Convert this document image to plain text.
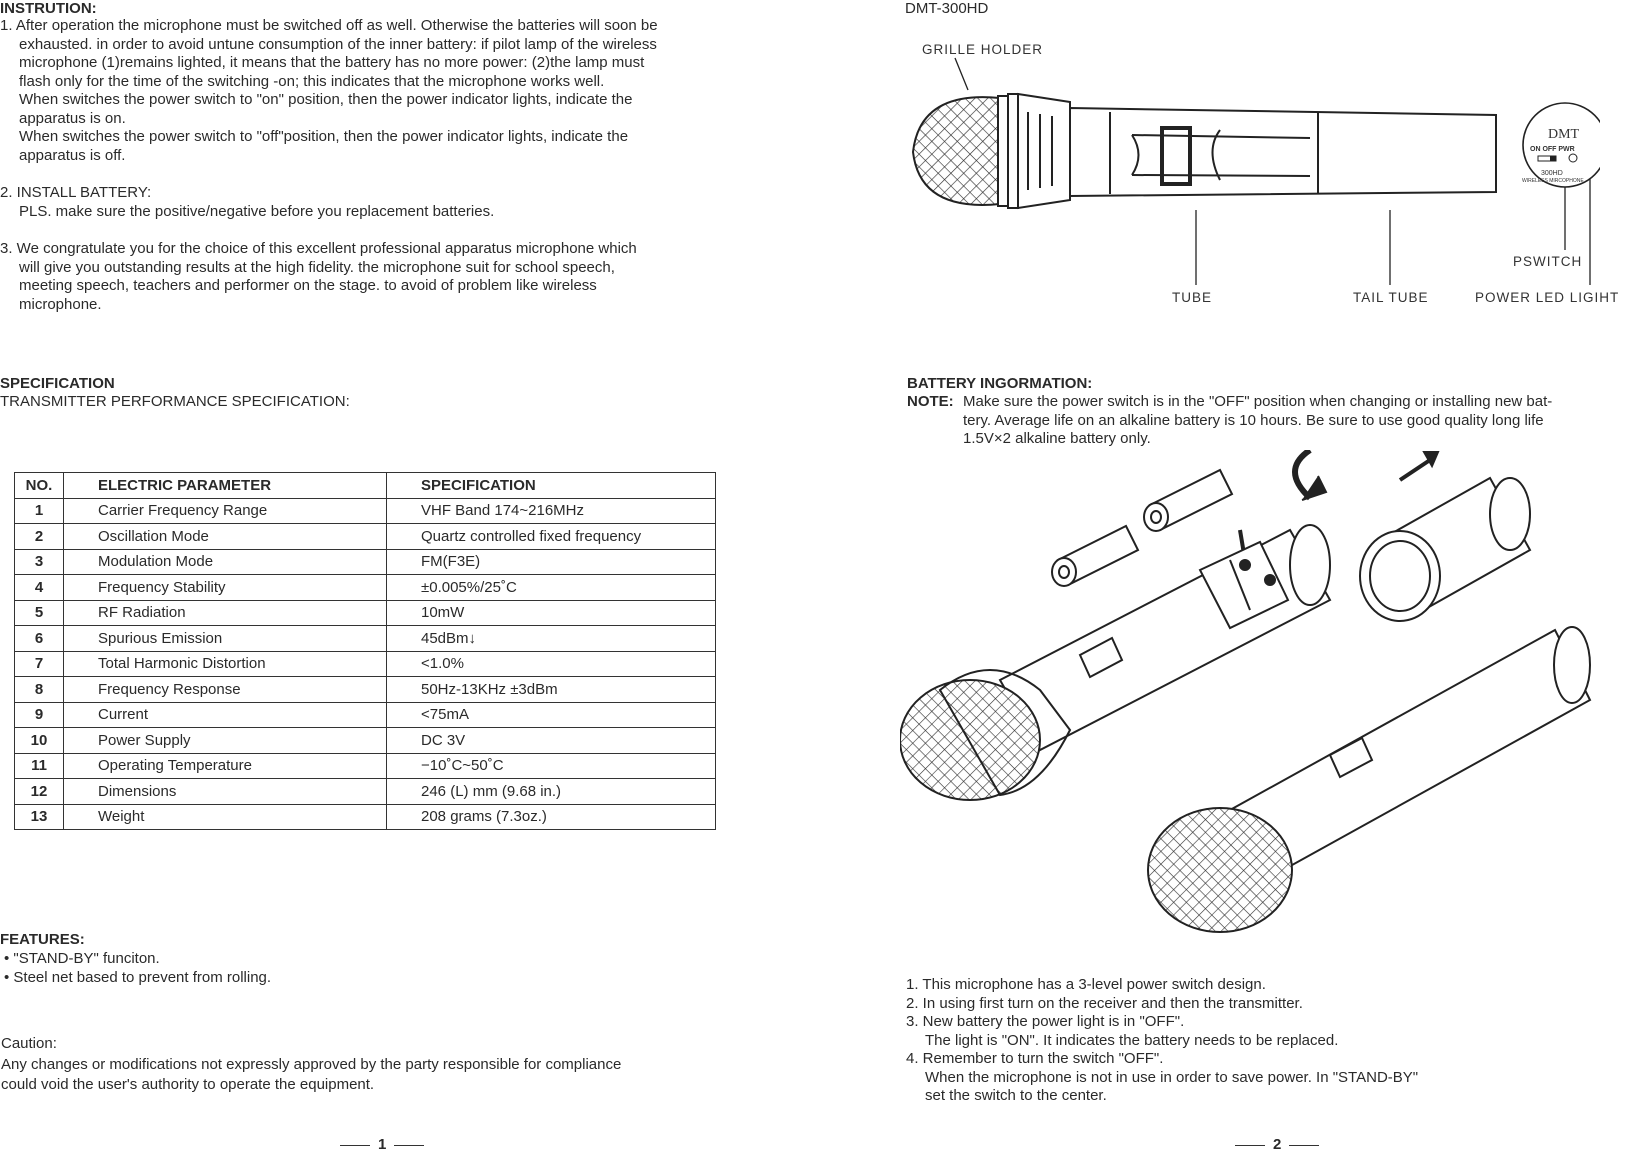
INSTRUTION:
1. After operation the microphone must be switched off as well. Otherwise the batteries will soon be
exhausted. in order to avoid untune consumption of the inner battery: if pilot lamp of the wireless
microphone (1)remains lighted, it means that the battery has no more power: (2)the lamp must
flash only for the time of the switching -on; this indicates that the microphone works well.
When switches the power switch to "on" position, then the power indicator lights, indicate the
apparatus is on.
When switches the power switch to "off"position, then the power indicator lights, indicate the
apparatus is off.
2. INSTALL BATTERY:
PLS. make sure the positive/negative before you replacement batteries.
3. We congratulate you for the choice of this excellent professional apparatus microphone which
will give you outstanding results at the high fidelity. the microphone suit for school speech,
meeting speech, teachers and performer on the stage. to avoid of problem like wireless
microphone.
SPECIFICATION
TRANSMITTER PERFORMANCE SPECIFICATION:
NO.	ELECTRIC PARAMETER	SPECIFICATION
1	Carrier Frequency Range	VHF Band 174~216MHz
2	Oscillation Mode	Quartz controlled fixed frequency
3	Modulation Mode	FM(F3E)
4	Frequency Stability	±0.005%/25˚C
5	RF Radiation	10mW
6	Spurious Emission	45dBm↓
7	Total Harmonic Distortion	<1.0%
8	Frequency Response	50Hz-13KHz ±3dBm
9	Current	<75mA
10	Power Supply	DC 3V
11	Operating Temperature	−10˚C~50˚C
12	Dimensions	246 (L) mm (9.68 in.)
13	Weight	208 grams (7.3oz.)
FEATURES:
• "STAND-BY" funciton.
• Steel net based to prevent from rolling.
Caution:
Any changes or modifications not expressly approved by the party responsible for compliance
could void the user's authority to operate the equipment.
1
DMT-300HD
GRILLE HOLDER
TUBE	TAIL TUBE
PSWITCH
POWER LED LIGIHT
DMT
ON OFF PWR
300HD
WIRELESS MIRCOPHONE
BATTERY INGORMATION:
NOTE: Make sure the power switch is in the "OFF" position when changing or installing new bat-
tery. Average life on an alkaline battery is 10 hours. Be sure to use good quality long life
1.5V×2 alkaline battery only.
1. This microphone has a 3-level power switch design.
2. In using first turn on the receiver and then the transmitter.
3. New battery the power light is in "OFF".
The light is "ON". It indicates the battery needs to be replaced.
4. Remember to turn the switch "OFF".
When the microphone is not in use in order to save power. In "STAND-BY"
set the switch to the center.
2
